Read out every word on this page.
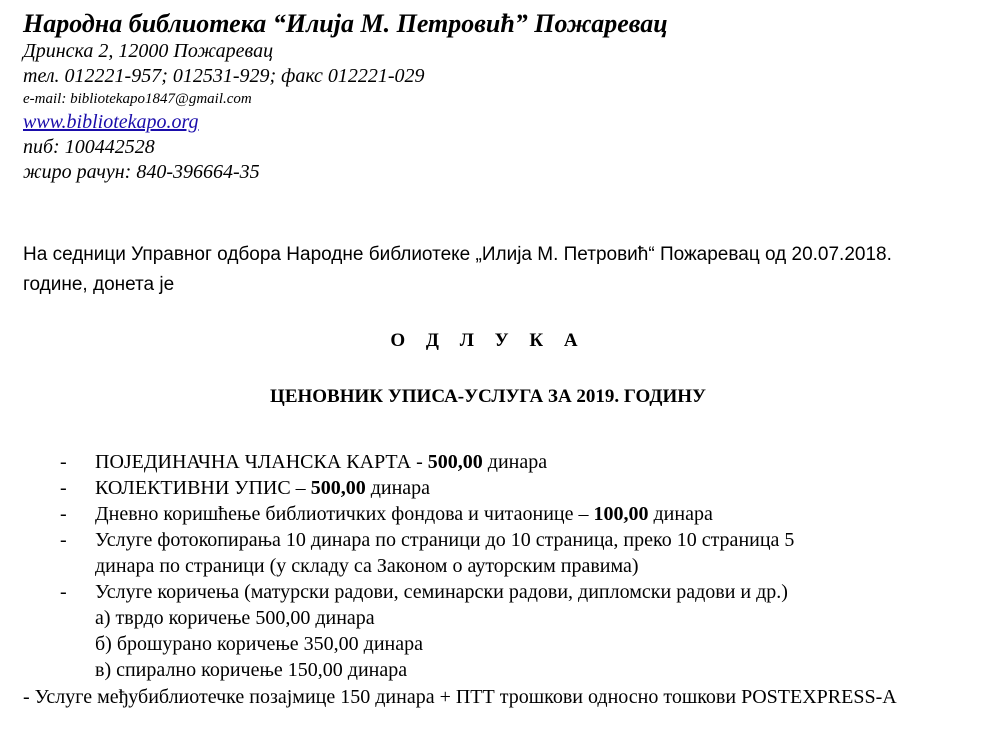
Народна библиотека “Илија М. Петровић” Пожаревац

Дринска 2, 12000 Пожаревац

тел. 012221-957; 012531-929; факс 012221-029

e-mail: bibliotekapo1847@gmail.com

www.bibliotekapo.org

пиб: 100442528

жиро рачун: 840-396664-35

На седници Управног одбора Народне библиотеке „Илија М. Петровић“ Пожаревац од 20.07.2018. године, донета је

О Д Л У К А

ЦЕНОВНИК УПИСА-УСЛУГА ЗА 2019. ГОДИНУ

- ПОЈЕДИНАЧНА ЧЛАНСКА КАРТА - 500,00 динара
- КОЛЕКТИВНИ УПИС – 500,00 динара
- Дневно коришћење библиотичких фондова и читаонице – 100,00 динара
- Услуге фотокопирања 10 динара по страници до 10 страница, преко 10 страница 5
динара по страници (у складу са Законом о ауторским правима)
- Услуге коричења (матурски радови, семинарски радови, дипломски радови и др.)
а) тврдо коричење 500,00 динара
б) брошурано коричење 350,00 динара
в) спирално коричење 150,00 динара

- Услуге међубиблиотечке позајмице 150 динара + ПТТ трошкови односно тошкови POSTEXPRESS-А
